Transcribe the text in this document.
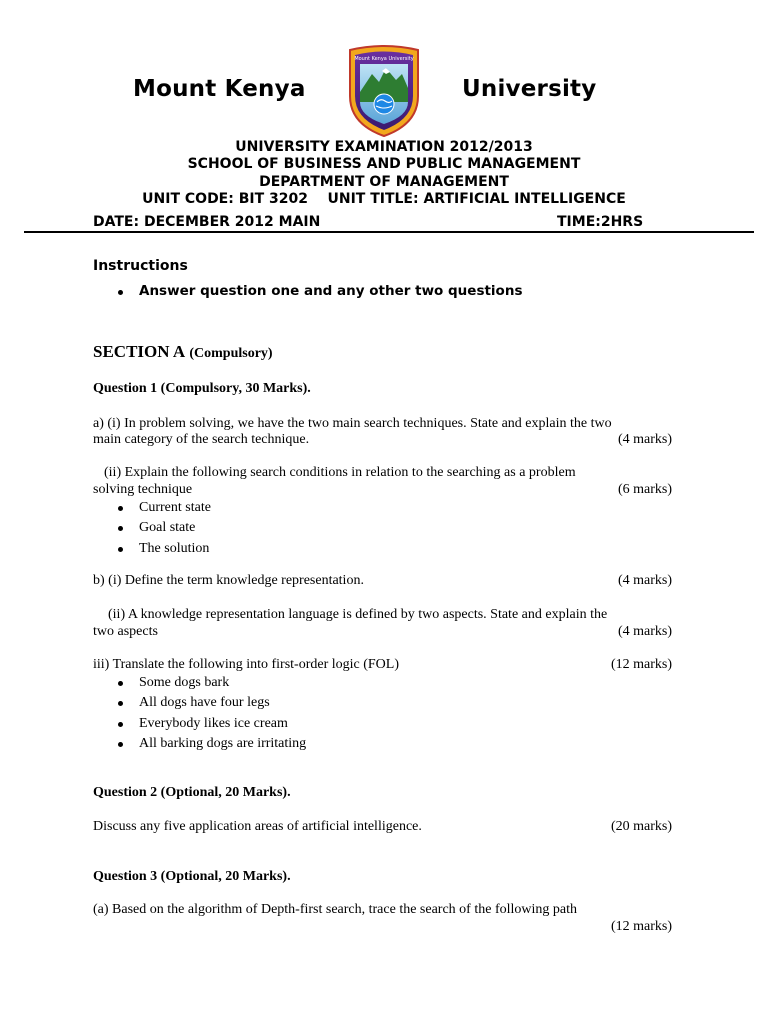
Mount Kenya	University
Mount Kenya University
UNIVERSITY EXAMINATION 2012/2013
SCHOOL OF BUSINESS AND PUBLIC MANAGEMENT
DEPARTMENT OF MANAGEMENT
UNIT CODE: BIT 3202    UNIT TITLE: ARTIFICIAL INTELLIGENCE
DATE: DECEMBER 2012 MAIN	TIME:2HRS
Instructions
Answer question one and any other two questions
SECTION A (Compulsory)
Question 1 (Compulsory, 30 Marks).
a) (i) In problem solving, we have the two main search techniques. State and explain the two
main category of the search technique.	(4 marks)
(ii) Explain the following search conditions in relation to the searching as a problem
solving technique	(6 marks)
Current state
Goal state
The solution
b) (i) Define the term knowledge representation.	(4 marks)
(ii) A knowledge representation language is defined by two aspects. State and explain the
two aspects	(4 marks)
iii) Translate the following into first-order logic (FOL)	(12 marks)
Some dogs bark
All dogs have four legs
Everybody likes ice cream
All barking dogs are irritating
Question 2 (Optional, 20 Marks).
Discuss any five application areas of artificial intelligence.	(20 marks)
Question 3 (Optional, 20 Marks).
(a) Based on the algorithm of Depth-first search, trace the search of the following path
(12 marks)
